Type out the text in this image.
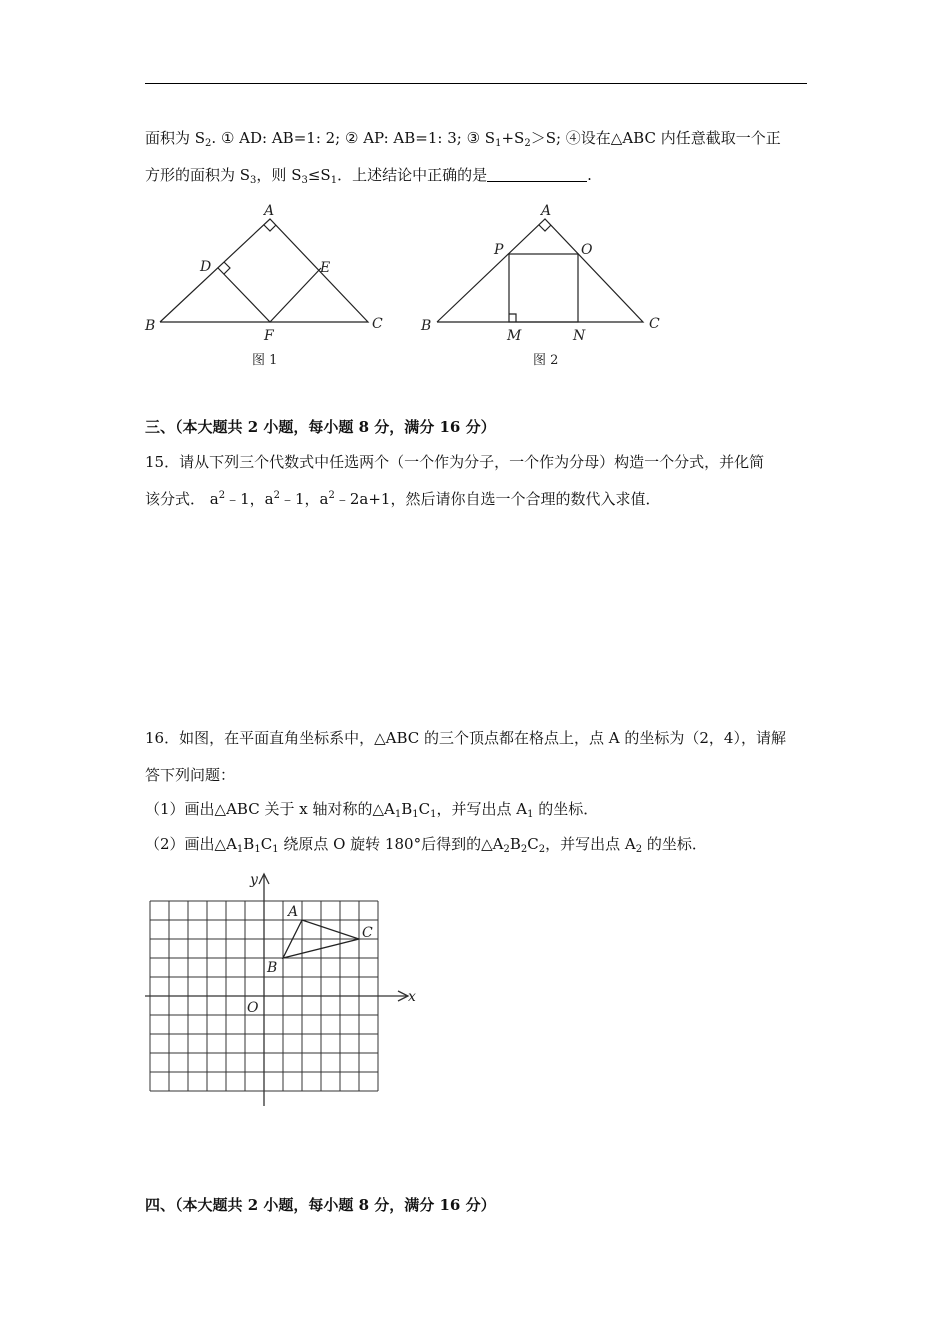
面积为 $S_2$. ① AD: AB=1: 2; ② AP: AB=1: 3; ③ $S_1+S_2>S$; ④设在△ABC 内任意截取一个正
方形的面积为 $S_3$，则 $S_3\le S_1$．上述结论中正确的是	.
A
B	C
D	E
F
图 1
A
B	C
P	O
M	N
图 2
三、（本大题共 2 小题，每小题 8 分，满分 16 分）
15．请从下列三个代数式中任选两个（一个作为分子，一个作为分母）构造一个分式，并化简
该分式． $a^2﹣1$，$a^2﹣1$，$a^2﹣2a+1$，然后请你自选一个合理的数代入求值．
16．如图，在平面直角坐标系中，△ABC 的三个顶点都在格点上，点 A 的坐标为（2，4），请解
答下列问题：
（1）画出△ABC 关于 x 轴对称的$\triangle A_1B_1C_1$，并写出点 $A_1$ 的坐标．
（2）画出$\triangle A_1B_1C_1$ 绕原点 O 旋转 180°后得到的$\triangle A_2B_2C_2$，并写出点 $A_2$ 的坐标．
y
x
O
A
B
C
四、（本大题共 2 小题，每小题 8 分，满分 16 分）
